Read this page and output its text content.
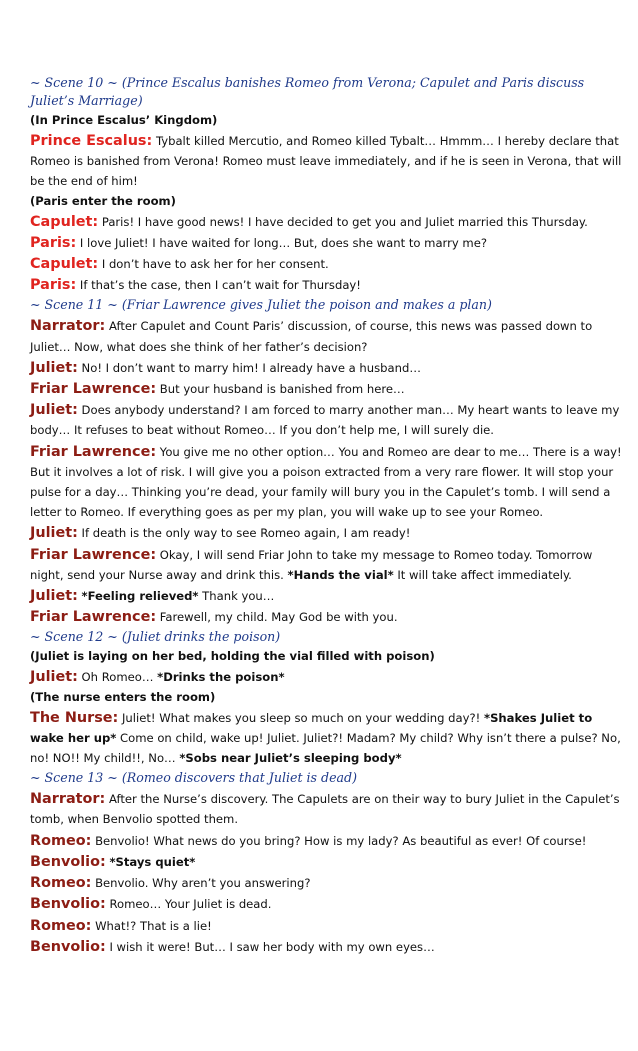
~ Scene 10 ~ (Prince Escalus banishes Romeo from Verona; Capulet and Paris discuss Juliet’s Marriage)
(In Prince Escalus’ Kingdom)
Prince Escalus: Tybalt killed Mercutio, and Romeo killed Tybalt… Hmmm… I hereby declare that Romeo is banished from Verona! Romeo must leave immediately, and if he is seen in Verona, that will be the end of him!
(Paris enter the room)
Capulet: Paris! I have good news! I have decided to get you and Juliet married this Thursday.
Paris: I love Juliet! I have waited for long… But, does she want to marry me?
Capulet: I don’t have to ask her for her consent.
Paris: If that’s the case, then I can’t wait for Thursday!
~ Scene 11 ~ (Friar Lawrence gives Juliet the poison and makes a plan)
Narrator: After Capulet and Count Paris’ discussion, of course, this news was passed down to Juliet… Now, what does she think of her father’s decision?
Juliet: No! I don’t want to marry him! I already have a husband…
Friar Lawrence: But your husband is banished from here…
Juliet: Does anybody understand? I am forced to marry another man… My heart wants to leave my body… It refuses to beat without Romeo… If you don’t help me, I will surely die.
Friar Lawrence: You give me no other option… You and Romeo are dear to me… There is a way! But it involves a lot of risk. I will give you a poison extracted from a very rare flower. It will stop your pulse for a day… Thinking you’re dead, your family will bury you in the Capulet’s tomb. I will send a letter to Romeo. If everything goes as per my plan, you will wake up to see your Romeo.
Juliet: If death is the only way to see Romeo again, I am ready!
Friar Lawrence: Okay, I will send Friar John to take my message to Romeo today. Tomorrow night, send your Nurse away and drink this. *Hands the vial* It will take affect immediately.
Juliet: *Feeling relieved* Thank you…
Friar Lawrence: Farewell, my child. May God be with you.
~ Scene 12 ~ (Juliet drinks the poison)
(Juliet is laying on her bed, holding the vial filled with poison)
Juliet: Oh Romeo… *Drinks the poison*
(The nurse enters the room)
The Nurse: Juliet! What makes you sleep so much on your wedding day?! *Shakes Juliet to wake her up* Come on child, wake up! Juliet. Juliet?! Madam? My child? Why isn’t there a pulse? No, no! NO!! My child!!, No… *Sobs near Juliet’s sleeping body*
~ Scene 13 ~ (Romeo discovers that Juliet is dead)
Narrator: After the Nurse’s discovery. The Capulets are on their way to bury Juliet in the Capulet’s tomb, when Benvolio spotted them.
Romeo: Benvolio! What news do you bring? How is my lady? As beautiful as ever! Of course!
Benvolio: *Stays quiet*
Romeo: Benvolio. Why aren’t you answering?
Benvolio: Romeo… Your Juliet is dead.
Romeo: What!? That is a lie!
Benvolio: I wish it were! But… I saw her body with my own eyes…
